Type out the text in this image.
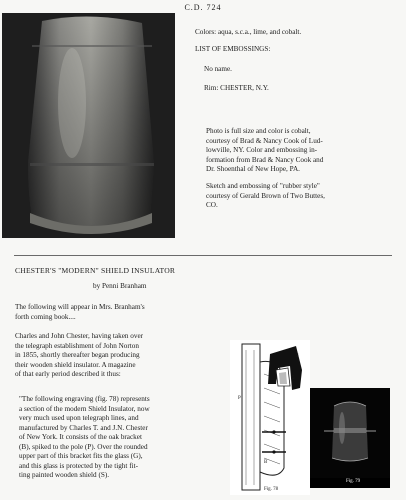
C.D. 724
Colors: aqua, s.c.a., lime, and cobalt.
LIST OF EMBOSSINGS:
No name.
Rim: CHESTER, N.Y.
Photo is full size and color is cobalt,
courtesy of Brad & Nancy Cook of Lud-
lowville, NY. Color and embossing in-
formation from Brad & Nancy Cook and
Dr. Shoenthal of New Hope, PA.
Sketch and embossing of "rubber style"
courtesy of Gerald Brown of Two Buttes,
CO.
CHESTER'S "MODERN" SHIELD INSULATOR
by Penni Branham
The following will appear in Mrs. Branham's
forth coming book....
Charles and John Chester, having taken over
the telegraph establishment of John Norton
in 1855, shortly thereafter began producing
their wooden shield insulator. A magazine
of that early period described it thus:
"The following engraving (fig. 78) represents
a section of the modern Shield Insulator, now
very much used upon telegraph lines, and
manufactured by Charles T. and J.N. Chester
of New York. It consists of the oak bracket
(B), spiked to the pole (P). Over the rounded
upper part of this bracket fits the glass (G),
and this glass is protected by the tight fit-
ting painted wooden shield (S).
P
S
G
B
Fig. 78
Fig. 79
